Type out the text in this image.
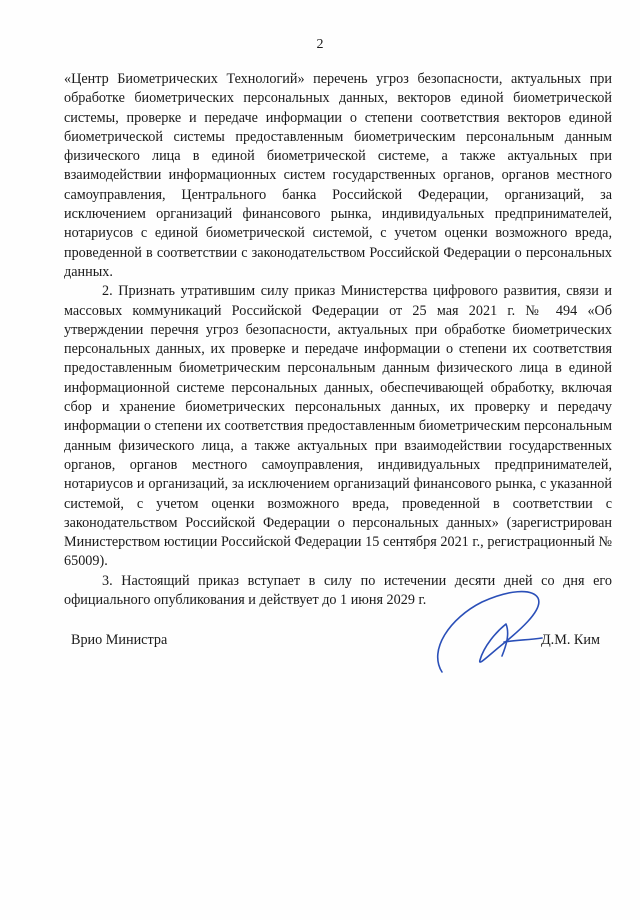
2

«Центр Биометрических Технологий» перечень угроз безопасности, актуальных при обработке биометрических персональных данных, векторов единой биометрической системы, проверке и передаче информации о степени соответствия векторов единой биометрической системы предоставленным биометрическим персональным данным физического лица в единой биометрической системе, а также актуальных при взаимодействии информационных систем государственных органов, органов местного самоуправления, Центрального банка Российской Федерации, организаций, за исключением организаций финансового рынка, индивидуальных предпринимателей, нотариусов с единой биометрической системой, с учетом оценки возможного вреда, проведенной в соответствии с законодательством Российской Федерации о персональных данных.

2. Признать утратившим силу приказ Министерства цифрового развития, связи и массовых коммуникаций Российской Федерации от 25 мая 2021 г. № 494 «Об утверждении перечня угроз безопасности, актуальных при обработке биометрических персональных данных, их проверке и передаче информации о степени их соответствия предоставленным биометрическим персональным данным физического лица в единой информационной системе персональных данных, обеспечивающей обработку, включая сбор и хранение биометрических персональных данных, их проверку и передачу информации о степени их соответствия предоставленным биометрическим персональным данным физического лица, а также актуальных при взаимодействии государственных органов, органов местного самоуправления, индивидуальных предпринимателей, нотариусов и организаций, за исключением организаций финансового рынка, с указанной системой, с учетом оценки возможного вреда, проведенной в соответствии с законодательством Российской Федерации о персональных данных» (зарегистрирован Министерством юстиции Российской Федерации 15 сентября 2021 г., регистрационный № 65009).

3. Настоящий приказ вступает в силу по истечении десяти дней со дня его официального опубликования и действует до 1 июня 2029 г.

Врио Министра	Д.М. Ким
